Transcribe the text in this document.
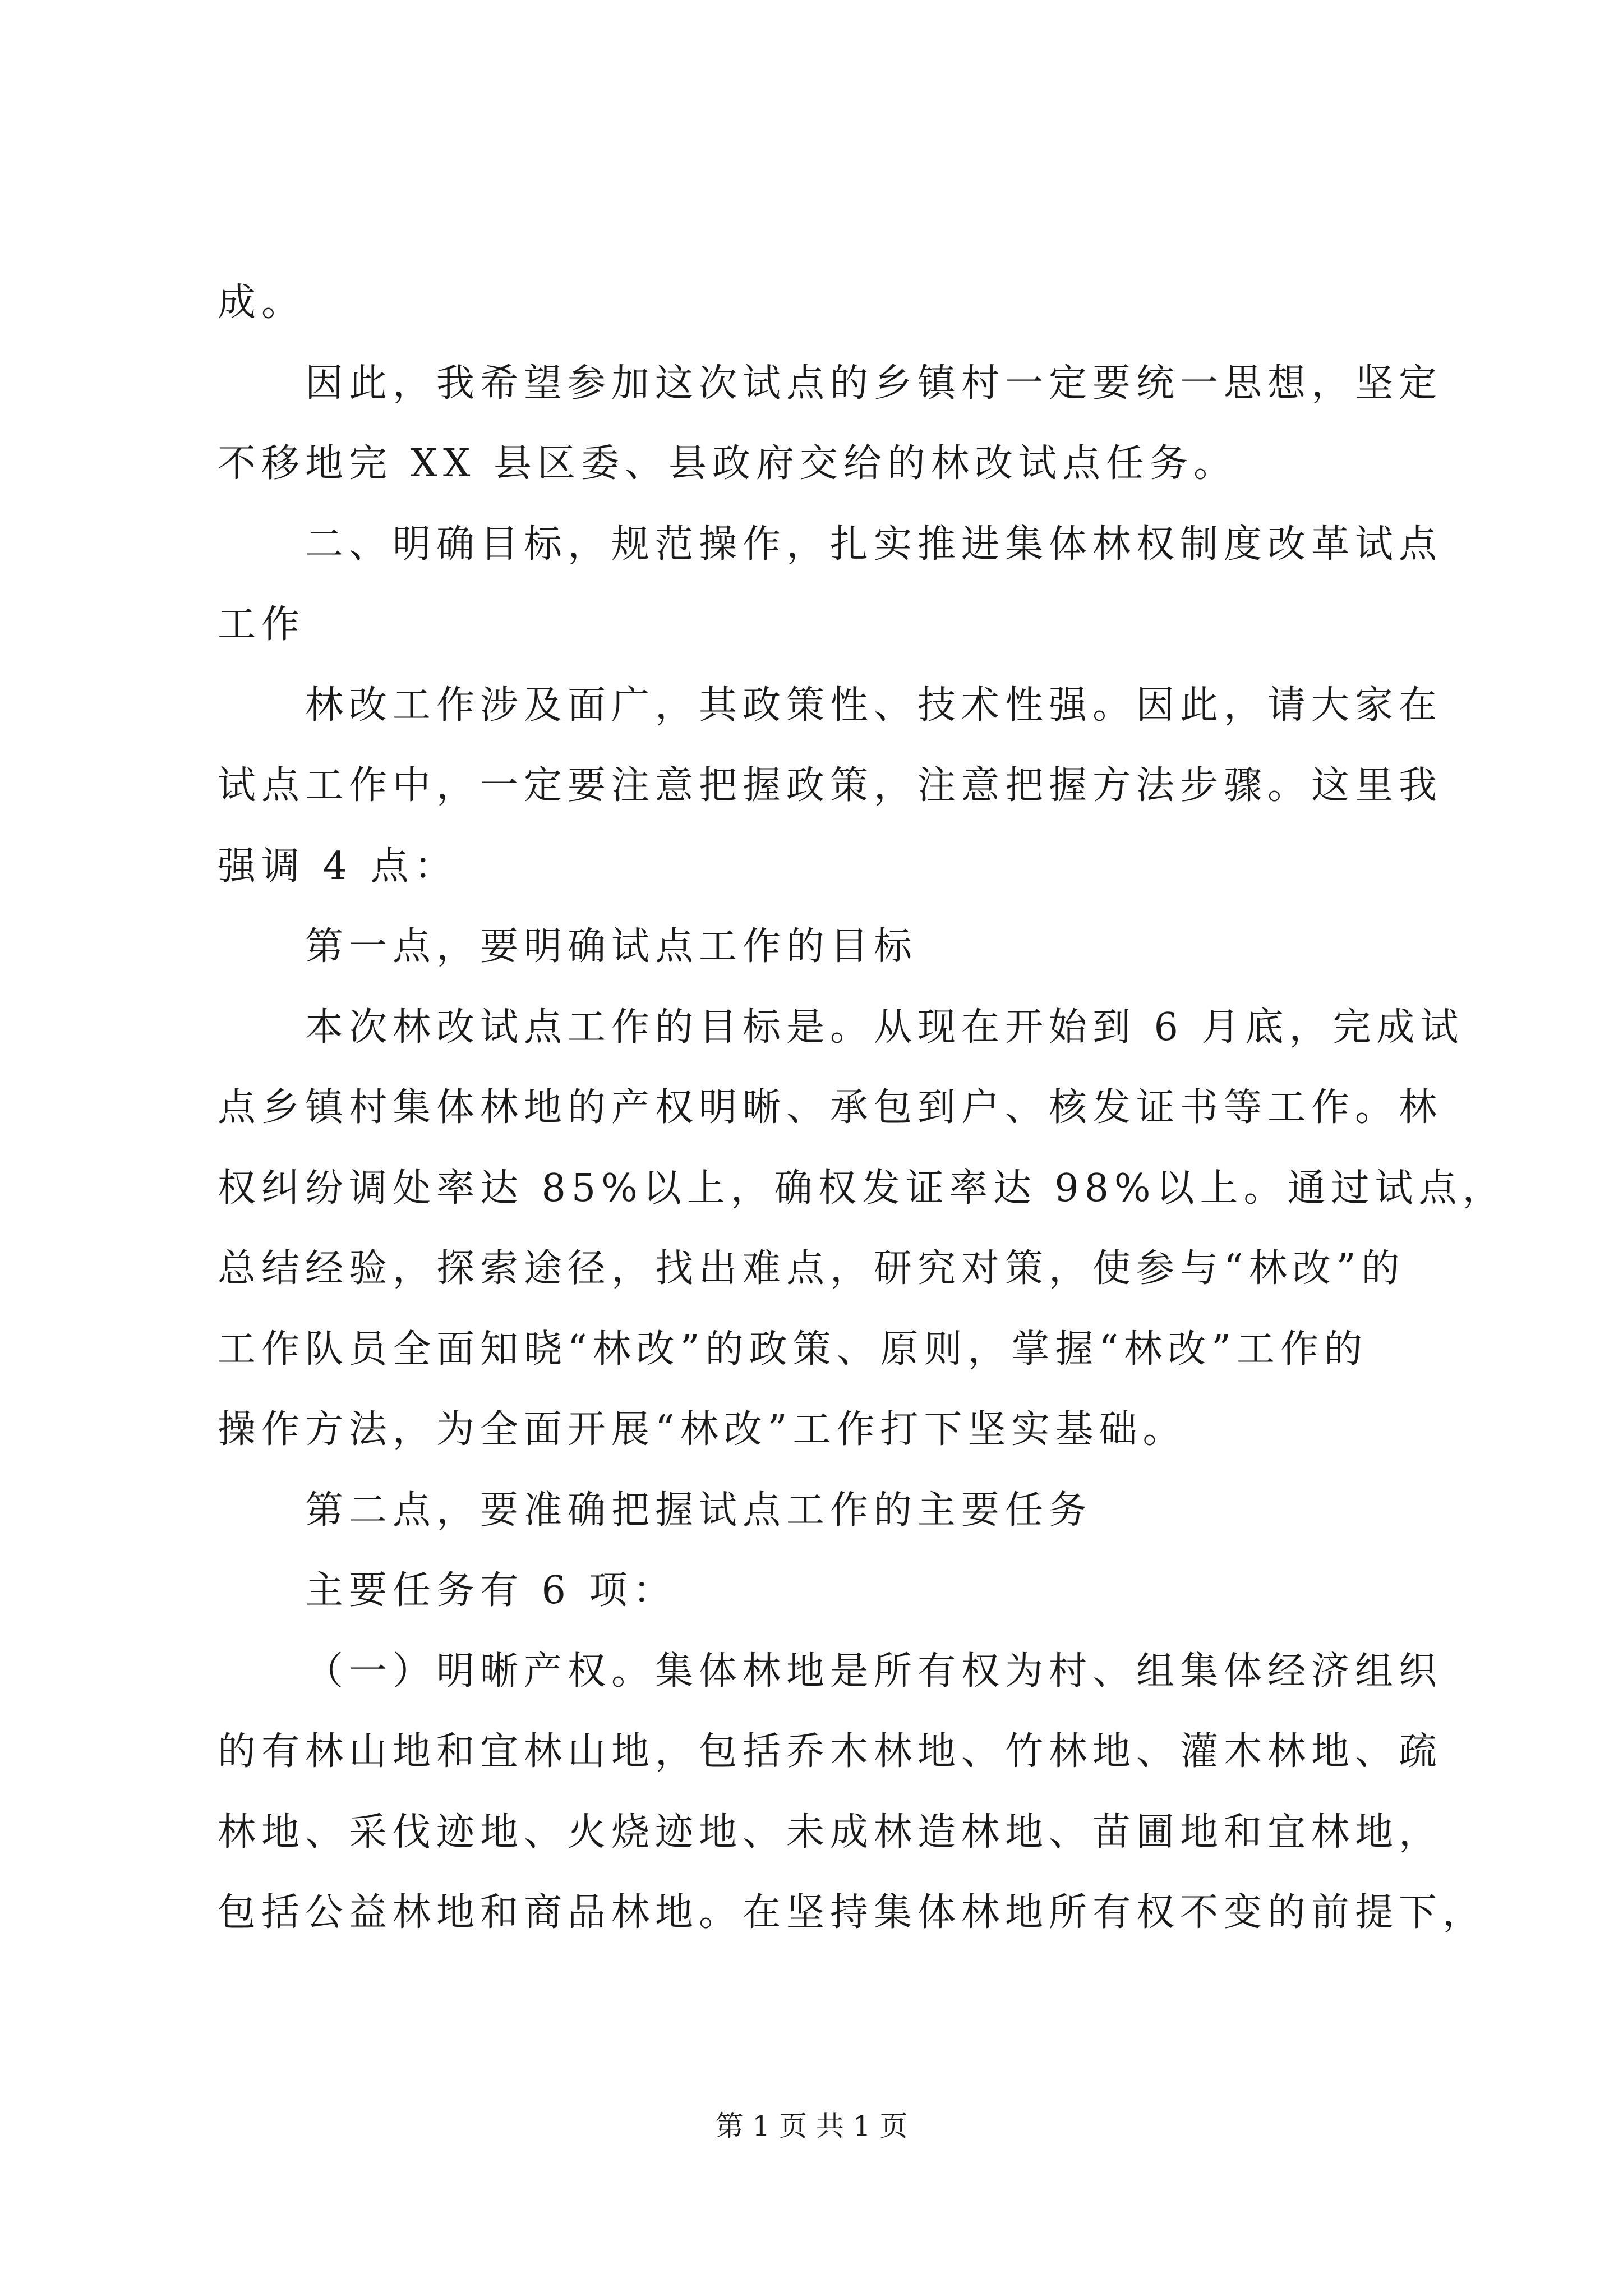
成。
因此，我希望参加这次试点的乡镇村一定要统一思想，坚定
不移地完 XX 县区委、县政府交给的林改试点任务。
二、明确目标，规范操作，扎实推进集体林权制度改革试点
工作
林改工作涉及面广，其政策性、技术性强。因此，请大家在
试点工作中，一定要注意把握政策，注意把握方法步骤。这里我
强调 4 点：
第一点，要明确试点工作的目标
本次林改试点工作的目标是。从现在开始到 6 月底，完成试
点乡镇村集体林地的产权明晰、承包到户、核发证书等工作。林
权纠纷调处率达 85%以上，确权发证率达 98%以上。通过试点，
总结经验，探索途径，找出难点，研究对策，使参与“林改”的
工作队员全面知晓“林改”的政策、原则，掌握“林改”工作的
操作方法，为全面开展“林改”工作打下坚实基础。
第二点，要准确把握试点工作的主要任务
主要任务有 6 项：
（一）明晰产权。集体林地是所有权为村、组集体经济组织
的有林山地和宜林山地，包括乔木林地、竹林地、灌木林地、疏
林地、采伐迹地、火烧迹地、未成林造林地、苗圃地和宜林地，
包括公益林地和商品林地。在坚持集体林地所有权不变的前提下，
第 1 页 共 1 页
